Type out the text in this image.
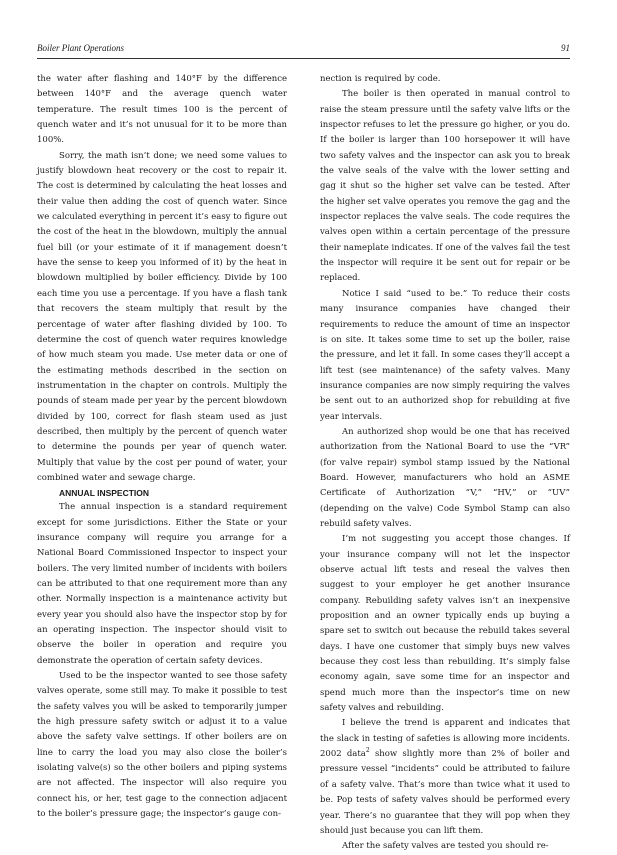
Boiler Plant Operations	91

the water after flashing and 140°F by the difference between 140°F and the average quench water temperature. The result times 100 is the percent of quench water and it’s not unusual for it to be more than 100%.

Sorry, the math isn’t done; we need some values to justify blowdown heat recovery or the cost to repair it. The cost is determined by calculating the heat losses and their value then adding the cost of quench water. Since we calculated everything in percent it’s easy to figure out the cost of the heat in the blowdown, multiply the annual fuel bill (or your estimate of it if management doesn’t have the sense to keep you informed of it) by the heat in blowdown multiplied by boiler efficiency. Divide by 100 each time you use a percentage. If you have a flash tank that recovers the steam multiply that result by the percentage of water after flashing divided by 100. To determine the cost of quench water requires knowledge of how much steam you made. Use meter data or one of the estimating methods described in the section on instrumentation in the chapter on controls. Multiply the pounds of steam made per year by the percent blowdown divided by 100, correct for flash steam used as just described, then multiply by the percent of quench water to determine the pounds per year of quench water. Multiply that value by the cost per pound of water, your combined water and sewage charge.

ANNUAL INSPECTION

The annual inspection is a standard requirement except for some jurisdictions. Either the State or your insurance company will require you arrange for a National Board Commissioned Inspector to inspect your boilers. The very limited number of incidents with boilers can be attributed to that one requirement more than any other. Normally inspection is a maintenance activity but every year you should also have the inspector stop by for an operating inspection. The inspector should visit to observe the boiler in operation and require you demonstrate the operation of certain safety devices.

Used to be the inspector wanted to see those safety valves operate, some still may. To make it possible to test the safety valves you will be asked to temporarily jumper the high pressure safety switch or adjust it to a value above the safety valve settings. If other boilers are on line to carry the load you may also close the boiler’s isolating valve(s) so the other boilers and piping systems are not affected. The inspector will also require you connect his, or her, test gage to the connection adjacent to the boiler’s pressure gage; the inspector’s gauge con-

nection is required by code.

The boiler is then operated in manual control to raise the steam pressure until the safety valve lifts or the inspector refuses to let the pressure go higher, or you do. If the boiler is larger than 100 horsepower it will have two safety valves and the inspector can ask you to break the valve seals of the valve with the lower setting and gag it shut so the higher set valve can be tested. After the higher set valve operates you remove the gag and the inspector replaces the valve seals. The code requires the valves open within a certain percentage of the pressure their nameplate indicates. If one of the valves fail the test the inspector will require it be sent out for repair or be replaced.

Notice I said “used to be.” To reduce their costs many insurance companies have changed their requirements to reduce the amount of time an inspector is on site. It takes some time to set up the boiler, raise the pressure, and let it fall. In some cases they’ll accept a lift test (see maintenance) of the safety valves. Many insurance companies are now simply requiring the valves be sent out to an authorized shop for rebuilding at five year intervals.

An authorized shop would be one that has received authorization from the National Board to use the “VR” (for valve repair) symbol stamp issued by the National Board. However, manufacturers who hold an ASME Certificate of Authorization “V,” “HV,” or “UV” (depending on the valve) Code Symbol Stamp can also rebuild safety valves.

I’m not suggesting you accept those changes. If your insurance company will not let the inspector observe actual lift tests and reseal the valves then suggest to your employer he get another insurance company. Rebuilding safety valves isn’t an inexpensive proposition and an owner typically ends up buying a spare set to switch out because the rebuild takes several days. I have one customer that simply buys new valves because they cost less than rebuilding. It’s simply false economy again, save some time for an inspector and spend much more than the inspector’s time on new safety valves and rebuilding.

I believe the trend is apparent and indicates that the slack in testing of safeties is allowing more incidents. 2002 data$^2$ show slightly more than 2% of boiler and pressure vessel “incidents” could be attributed to failure of a safety valve. That’s more than twice what it used to be. Pop tests of safety valves should be performed every year. There’s no guarantee that they will pop when they should just because you can lift them.

After the safety valves are tested you should re-
